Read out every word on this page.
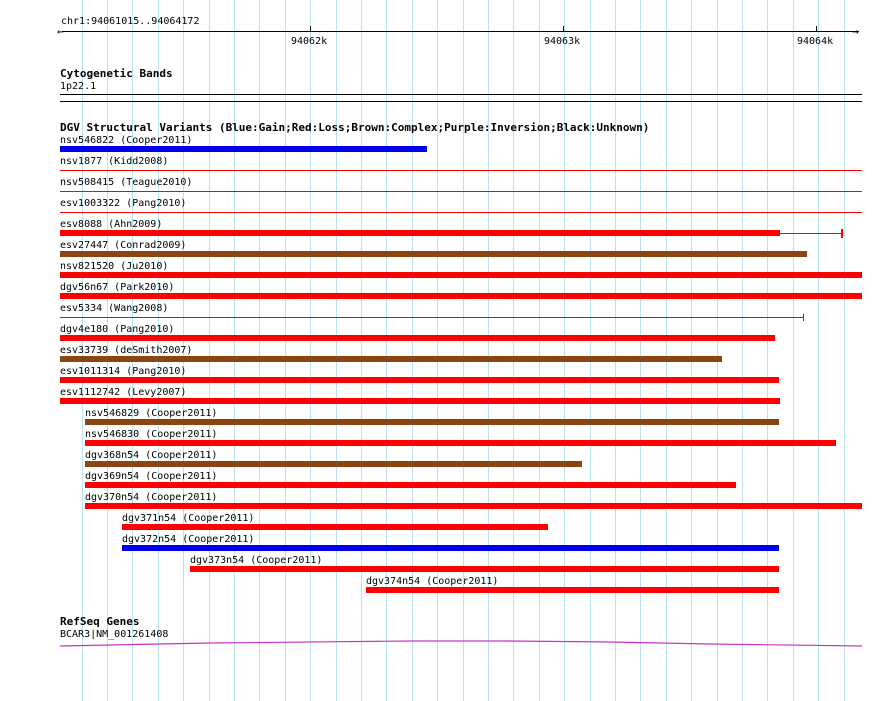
chr1:94061015..94064172
←	→
94062k	94063k	94064k
Cytogenetic Bands
1p22.1
DGV Structural Variants (Blue:Gain;Red:Loss;Brown:Complex;Purple:Inversion;Black:Unknown)
nsv546822 (Cooper2011)
nsv1877 (Kidd2008)
nsv508415 (Teague2010)
esv1003322 (Pang2010)
esv8088 (Ahn2009)
esv27447 (Conrad2009)
nsv821520 (Ju2010)
dgv56n67 (Park2010)
esv5334 (Wang2008)
dgv4e180 (Pang2010)
esv33739 (deSmith2007)
esv1011314 (Pang2010)
esv1112742 (Levy2007)
nsv546829 (Cooper2011)
nsv546830 (Cooper2011)
dgv368n54 (Cooper2011)
dgv369n54 (Cooper2011)
dgv370n54 (Cooper2011)
dgv371n54 (Cooper2011)
dgv372n54 (Cooper2011)
dgv373n54 (Cooper2011)
dgv374n54 (Cooper2011)
RefSeq Genes
BCAR3|NM_001261408
